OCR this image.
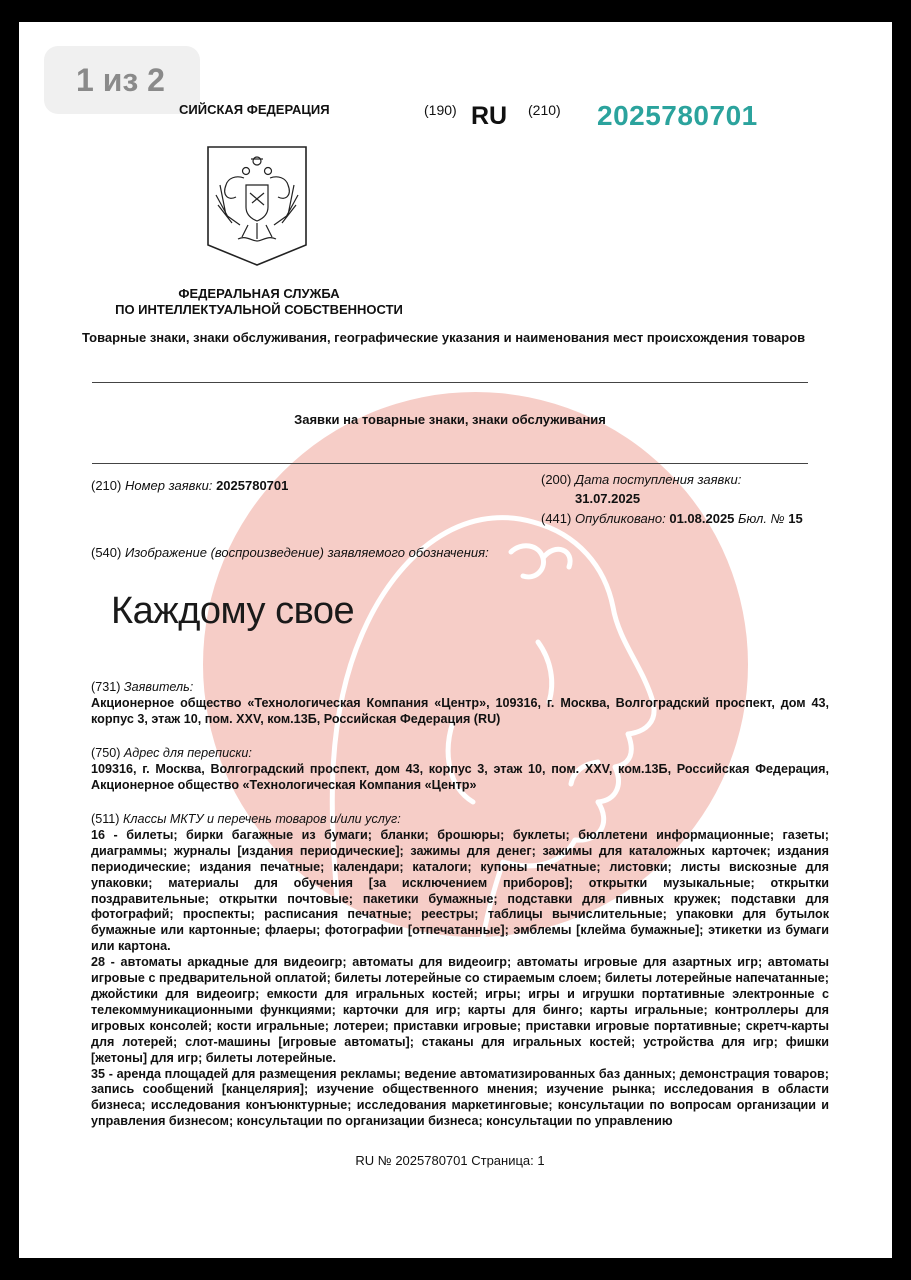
1 из 2
СИЙСКАЯ ФЕДЕРАЦИЯ	(190) RU (210) 2025780701
ФЕДЕРАЛЬНАЯ СЛУЖБА
ПО ИНТЕЛЛЕКТУАЛЬНОЙ СОБСТВЕННОСТИ
Товарные знаки, знаки обслуживания, географические указания и наименования мест происхождения товаров
Заявки на товарные знаки, знаки обслуживания
(210) Номер заявки: 2025780701	(200) Дата поступления заявки:
31.07.2025
(441) Опубликовано: 01.08.2025 Бюл. № 15
(540) Изображение (воспроизведение) заявляемого обозначения:
Каждому свое

(731) Заявитель:

Акционерное общество «Технологическая Компания «Центр», 109316, г. Москва, Волгоградский проспект, дом 43, корпус 3, этаж 10, пом. XXV, ком.13Б, Российская Федерация (RU)

(750) Адрес для переписки:

109316, г. Москва, Волгоградский проспект, дом 43, корпус 3, этаж 10, пом. XXV, ком.13Б, Российская Федерация, Акционерное общество «Технологическая Компания «Центр»

(511) Классы МКТУ и перечень товаров и/или услуг:

16 - билеты; бирки багажные из бумаги; бланки; брошюры; буклеты; бюллетени информационные; газеты; диаграммы; журналы [издания периодические]; зажимы для денег; зажимы для каталожных карточек; издания периодические; издания печатные; календари; каталоги; купоны печатные; листовки; листы вискозные для упаковки; материалы для обучения [за исключением приборов]; открытки музыкальные; открытки поздравительные; открытки почтовые; пакетики бумажные; подставки для пивных кружек; подставки для фотографий; проспекты; расписания печатные; реестры; таблицы вычислительные; упаковки для бутылок бумажные или картонные; флаеры; фотографии [отпечатанные]; эмблемы [клейма бумажные]; этикетки из бумаги или картона.

28 - автоматы аркадные для видеоигр; автоматы для видеоигр; автоматы игровые для азартных игр; автоматы игровые с предварительной оплатой; билеты лотерейные со стираемым слоем; билеты лотерейные напечатанные; джойстики для видеоигр; емкости для игральных костей; игры; игры и игрушки портативные электронные с телекоммуникационными функциями; карточки для игр; карты для бинго; карты игральные; контроллеры для игровых консолей; кости игральные; лотереи; приставки игровые; приставки игровые портативные; скретч-карты для лотерей; слот-машины [игровые автоматы]; стаканы для игральных костей; устройства для игр; фишки [жетоны] для игр; билеты лотерейные.

35 - аренда площадей для размещения рекламы; ведение автоматизированных баз данных; демонстрация товаров; запись сообщений [канцелярия]; изучение общественного мнения; изучение рынка; исследования в области бизнеса; исследования конъюнктурные; исследования маркетинговые; консультации по вопросам организации и управления бизнесом; консультации по организации бизнеса; консультации по управлению

RU № 2025780701 Страница: 1
